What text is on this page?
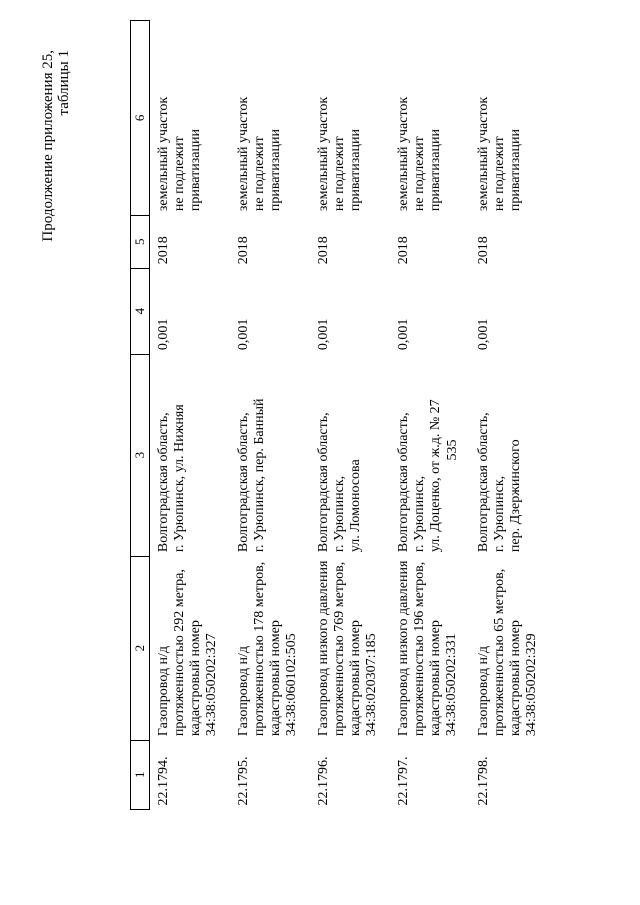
535
Продолжение приложения 25, таблицы 1
1	2	3	4	5	6
22.1794.	Газопровод н/д протяженностью 292 метра, кадастровый номер 34:38:050202:327	Волгоградская область, г. Урюпинск, ул. Нижняя	0,001	2018	земельный участок не подлежит приватизации

22.1795.	Газопровод н/д протяженностью 178 метров, кадастровый номер 34:38:060102:505	Волгоградская область, г. Урюпинск, пер. Банный	0,001	2018	земельный участок не подлежит приватизации

22.1796.	Газопровод низкого давления протяженностью 769 метров, кадастровый номер 34:38:020307:185	Волгоградская область, г. Урюпинск, ул. Ломоносова	0,001	2018	земельный участок не подлежит приватизации

22.1797.	Газопровод низкого давления протяженностью 196 метров, кадастровый номер 34:38:050202:331	Волгоградская область, г. Урюпинск, ул. Доценко, от ж.д. № 27	0,001	2018	земельный участок не подлежит приватизации

22.1798.	Газопровод н/д протяженностью 65 метров, кадастровый номер 34:38:050202:329	Волгоградская область, г. Урюпинск, пер. Дзержинского	0,001	2018	земельный участок не подлежит приватизации
